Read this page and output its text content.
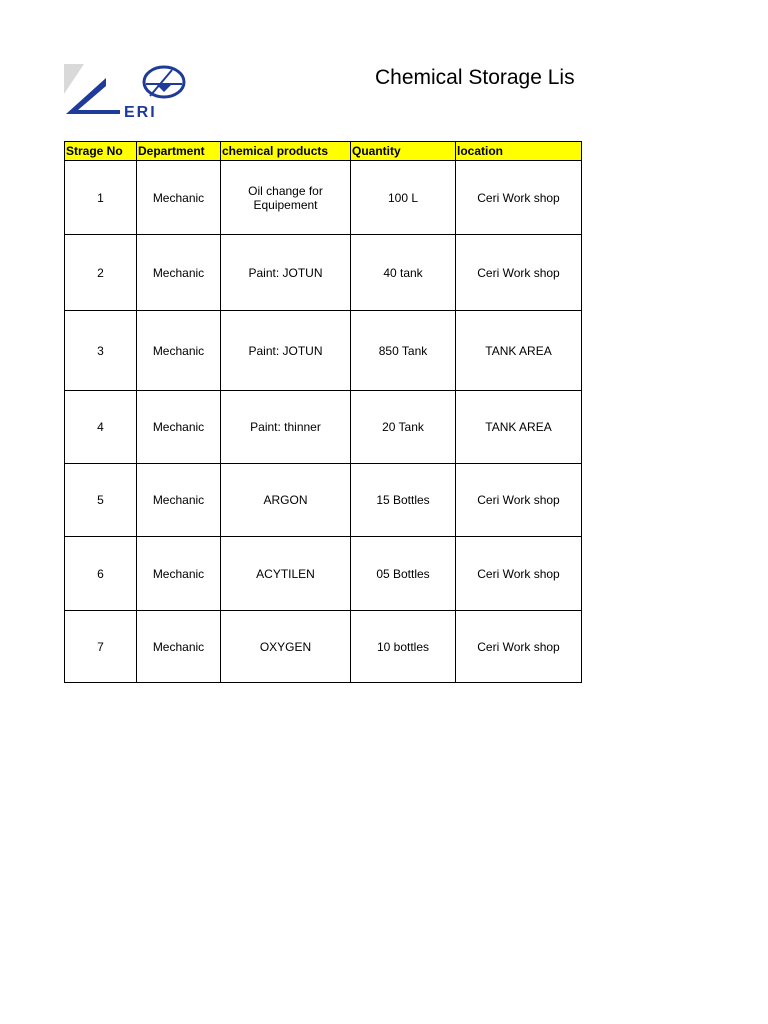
ERI
Chemical Storage Lis
Strage No	Department	chemical products	Quantity	location
1	Mechanic	Oil change for Equipement	100 L	Ceri Work shop
2	Mechanic	Paint: JOTUN	40 tank	Ceri Work shop
3	Mechanic	Paint: JOTUN	850 Tank	TANK AREA
4	Mechanic	Paint: thinner	20 Tank	TANK AREA
5	Mechanic	ARGON	15 Bottles	Ceri Work shop
6	Mechanic	ACYTILEN	05 Bottles	Ceri Work shop
7	Mechanic	OXYGEN	10 bottles	Ceri Work shop
